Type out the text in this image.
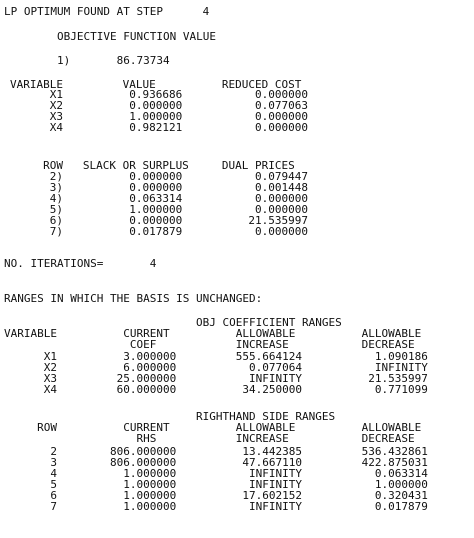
LP OPTIMUM FOUND AT STEP      4
OBJECTIVE FUNCTION VALUE
1)       86.73734
VARIABLE         VALUE          REDUCED COST
X1          0.936686           0.000000
X2          0.000000           0.077063
X3          1.000000           0.000000
X4          0.982121           0.000000
ROW   SLACK OR SURPLUS     DUAL PRICES
2)          0.000000           0.079447
3)          0.000000           0.001448
4)          0.063314           0.000000
5)          1.000000           0.000000
6)          0.000000          21.535997
7)          0.017879           0.000000
NO. ITERATIONS=       4
RANGES IN WHICH THE BASIS IS UNCHANGED:
OBJ COEFFICIENT RANGES
VARIABLE          CURRENT          ALLOWABLE          ALLOWABLE
COEF            INCREASE           DECREASE
X1          3.000000         555.664124           1.090186
X2          6.000000           0.077064           INFINITY
X3         25.000000           INFINITY          21.535997
X4         60.000000          34.250000           0.771099
RIGHTHAND SIDE RANGES
ROW          CURRENT          ALLOWABLE          ALLOWABLE
RHS            INCREASE           DECREASE
2        806.000000          13.442385         536.432861
3        806.000000          47.667110         422.875031
4          1.000000           INFINITY           0.063314
5          1.000000           INFINITY           1.000000
6          1.000000          17.602152           0.320431
7          1.000000           INFINITY           0.017879
